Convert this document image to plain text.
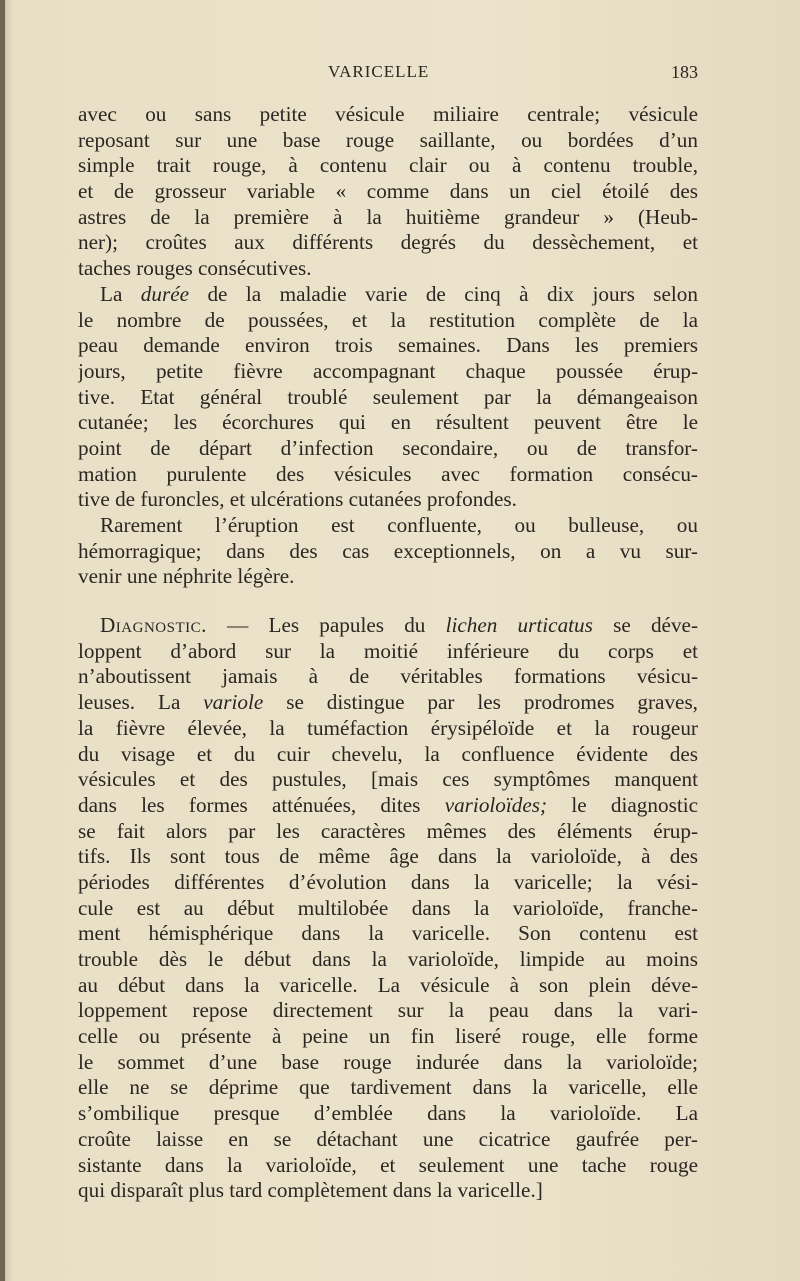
VARICELLE	183
avec ou sans petite vésicule miliaire centrale; vésicule
reposant sur une base rouge saillante, ou bordées d’un
simple trait rouge, à contenu clair ou à contenu trouble,
et de grosseur variable « comme dans un ciel étoilé des
astres de la première à la huitième grandeur » (Heub-
ner); croûtes aux différents degrés du dessèchement, et
taches rouges consécutives.
La durée de la maladie varie de cinq à dix jours selon
le nombre de poussées, et la restitution complète de la
peau demande environ trois semaines. Dans les premiers
jours, petite fièvre accompagnant chaque poussée érup-
tive. Etat général troublé seulement par la démangeaison
cutanée; les écorchures qui en résultent peuvent être le
point de départ d’infection secondaire, ou de transfor-
mation purulente des vésicules avec formation consécu-
tive de furoncles, et ulcérations cutanées profondes.
Rarement l’éruption est confluente, ou bulleuse, ou
hémorragique; dans des cas exceptionnels, on a vu sur-
venir une néphrite légère.
Diagnostic. — Les papules du lichen urticatus se déve-
loppent d’abord sur la moitié inférieure du corps et
n’aboutissent jamais à de véritables formations vésicu-
leuses. La variole se distingue par les prodromes graves,
la fièvre élevée, la tuméfaction érysipéloïde et la rougeur
du visage et du cuir chevelu, la confluence évidente des
vésicules et des pustules, [mais ces symptômes manquent
dans les formes atténuées, dites varioloïdes; le diagnostic
se fait alors par les caractères mêmes des éléments érup-
tifs. Ils sont tous de même âge dans la varioloïde, à des
périodes différentes d’évolution dans la varicelle; la vési-
cule est au début multilobée dans la varioloïde, franche-
ment hémisphérique dans la varicelle. Son contenu est
trouble dès le début dans la varioloïde, limpide au moins
au début dans la varicelle. La vésicule à son plein déve-
loppement repose directement sur la peau dans la vari-
celle ou présente à peine un fin liseré rouge, elle forme
le sommet d’une base rouge indurée dans la varioloïde;
elle ne se déprime que tardivement dans la varicelle, elle
s’ombilique presque d’emblée dans la varioloïde. La
croûte laisse en se détachant une cicatrice gaufrée per-
sistante dans la varioloïde, et seulement une tache rouge
qui disparaît plus tard complètement dans la varicelle.]
